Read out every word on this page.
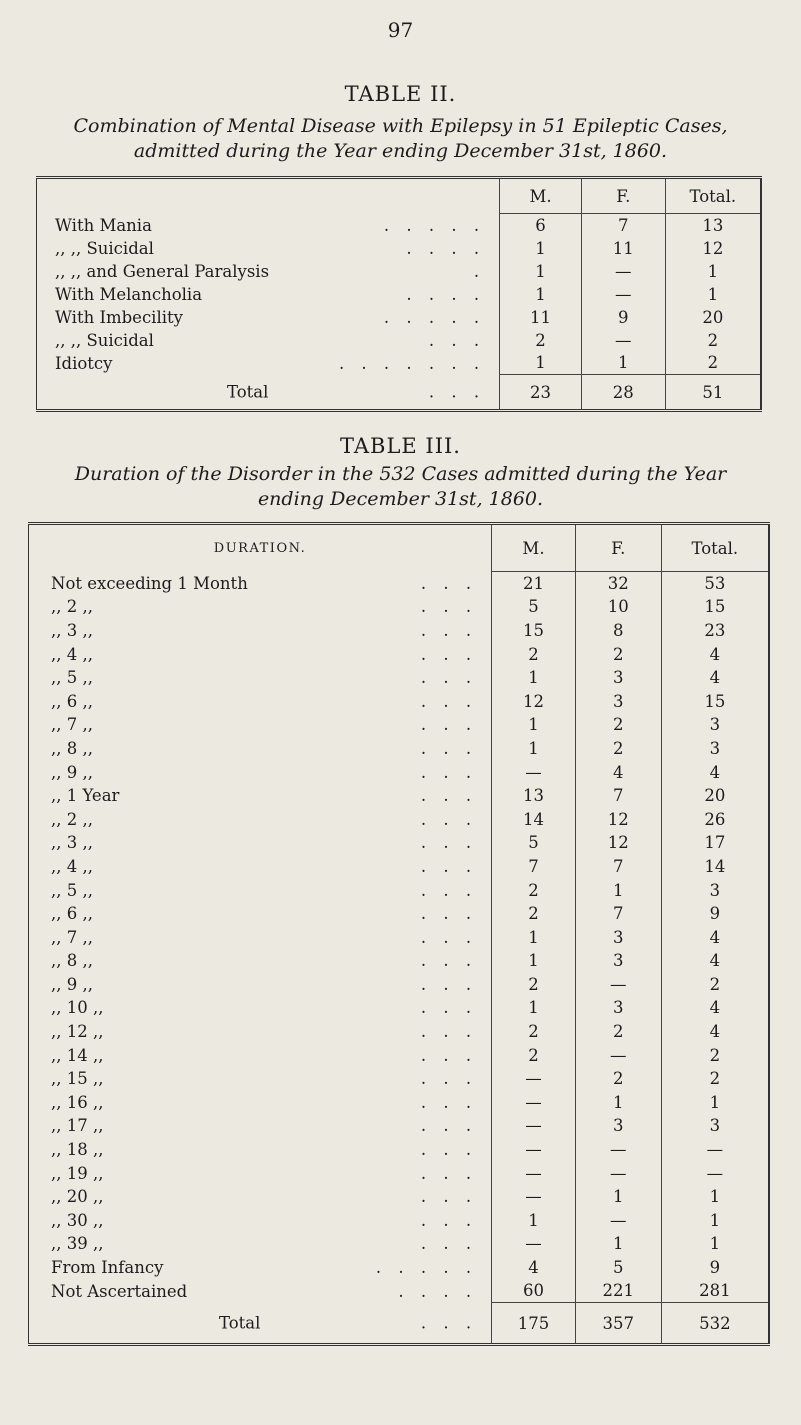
97
TABLE II.
Combination of Mental Disease with Epilepsy in 51 Epileptic Cases,
admitted during the Year ending December 31st, 1860.
	M.	F.	Total.
With Mania . . . . .	6	7	13
,, ,, Suicidal . . . .	1	11	12
,, ,, and General Paralysis .	1	—	1
With Melancholia . . . .	1	—	1
With Imbecility . . . . .	11	9	20
,, ,, Suicidal . . .	2	—	2
Idiotcy . . . . . . .	1	1	2

Total . . .	23	28	51
TABLE III.
Duration of the Disorder in the 532 Cases admitted during the Year
ending December 31st, 1860.
DURATION.	M.	F.	Total.
Not exceeding 1 Month . . .	21	32	53
,, 2 ,, . . .	5	10	15
,, 3 ,, . . .	15	8	23
,, 4 ,, . . .	2	2	4
,, 5 ,, . . .	1	3	4
,, 6 ,, . . .	12	3	15
,, 7 ,, . . .	1	2	3
,, 8 ,, . . .	1	2	3
,, 9 ,, . . .	—	4	4
,, 1 Year . . .	13	7	20
,, 2 ,, . . .	14	12	26
,, 3 ,, . . .	5	12	17
,, 4 ,, . . .	7	7	14
,, 5 ,, . . .	2	1	3
,, 6 ,, . . .	2	7	9
,, 7 ,, . . .	1	3	4
,, 8 ,, . . .	1	3	4
,, 9 ,, . . .	2	—	2
,, 10 ,, . . .	1	3	4
,, 12 ,, . . .	2	2	4
,, 14 ,, . . .	2	—	2
,, 15 ,, . . .	—	2	2
,, 16 ,, . . .	—	1	1
,, 17 ,, . . .	—	3	3
,, 18 ,, . . .	—	—	—
,, 19 ,, . . .	—	—	—
,, 20 ,, . . .	—	1	1
,, 30 ,, . . .	1	—	1
,, 39 ,, . . .	—	1	1
From Infancy . . . . .	4	5	9
Not Ascertained . . . .	60	221	281

Total . . .	175	357	532
